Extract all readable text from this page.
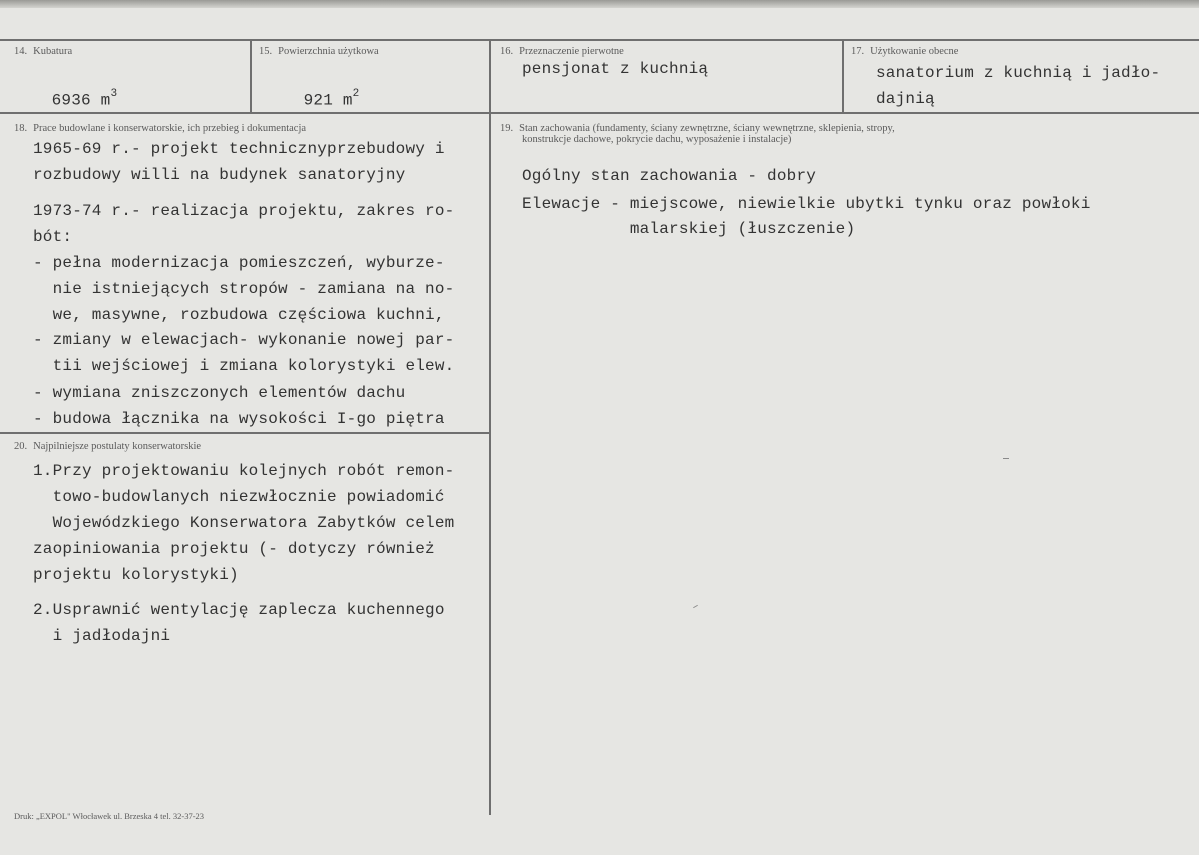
14. Kubatura

6936 $m^3$

15. Powierzchnia użytkowa

921 $m^2$

16. Przeznaczenie pierwotne
pensjonat z kuchnią
17. Użytkowanie obecne
sanatorium z kuchnią i jadło-
dajnią
18. Prace budowlane i konserwatorskie, ich przebieg i dokumentacja
1965-69 r.- projekt technicznyprzebudowy i
rozbudowy willi na budynek sanatoryjny
1973-74 r.- realizacja projektu, zakres ro-
bót:
- pełna modernizacja pomieszczeń, wyburze-
nie istniejących stropów - zamiana na no-
we, masywne, rozbudowa częściowa kuchni,
- zmiany w elewacjach- wykonanie nowej par-
tii wejściowej i zmiana kolorystyki elew.
- wymiana zniszczonych elementów dachu
- budowa łącznika na wysokości I-go piętra
19. Stan zachowania (fundamenty, ściany zewnętrzne, ściany wewnętrzne, sklepienia, stropy,
konstrukcje dachowe, pokrycie dachu, wyposażenie i instalacje)
Ogólny stan zachowania - dobry
Elewacje - miejscowe, niewielkie ubytki tynku oraz powłoki
malarskiej (łuszczenie)
20. Najpilniejsze postulaty konserwatorskie
1.Przy projektowaniu kolejnych robót remon-
towo-budowlanych niezwłocznie powiadomić
Wojewódzkiego Konserwatora Zabytków celem
zaopiniowania projektu (- dotyczy również
projektu kolorystyki)
2.Usprawnić wentylację zaplecza kuchennego
i jadłodajni
Druk: „EXPOL" Włocławek ul. Brzeska 4 tel. 32-37-23
